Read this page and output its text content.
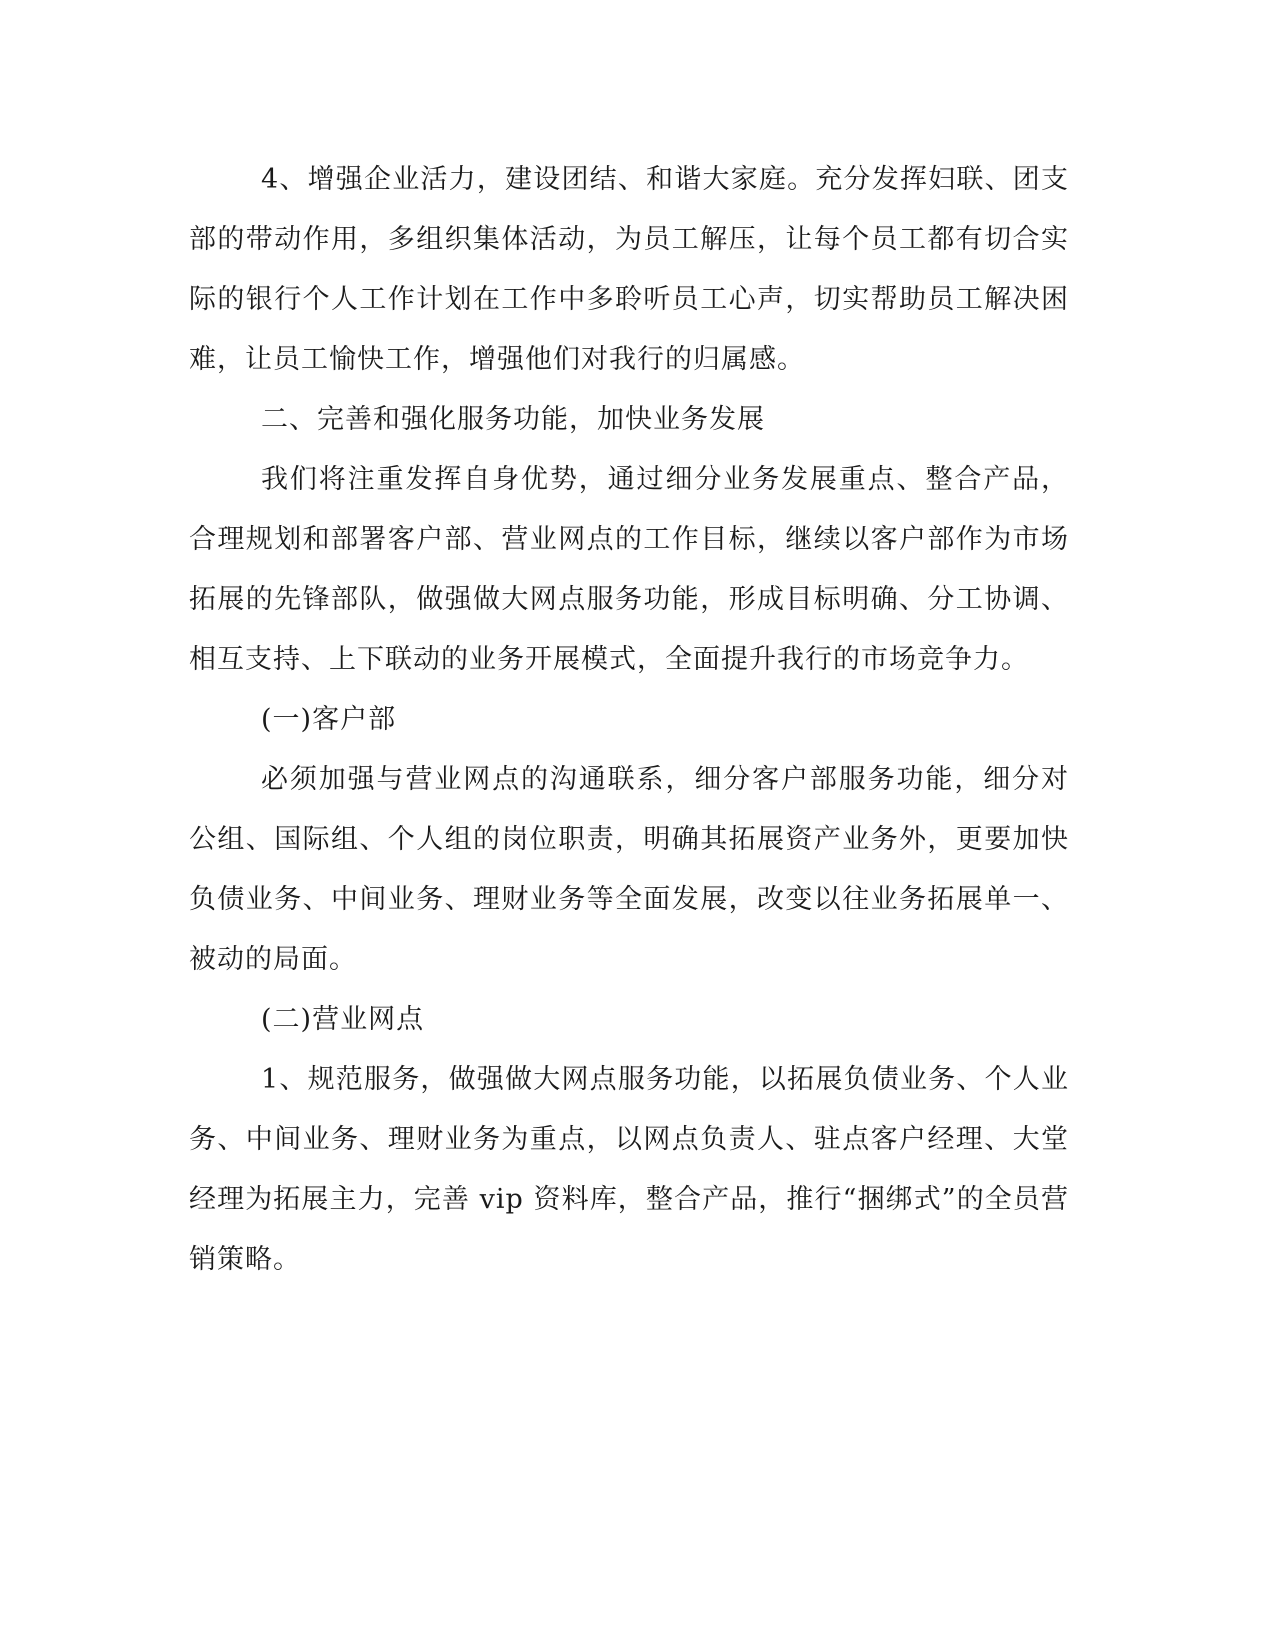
4、增强企业活力，建设团结、和谐大家庭。充分发挥妇联、团支部的带动作用，多组织集体活动，为员工解压，让每个员工都有切合实际的银行个人工作计划在工作中多聆听员工心声，切实帮助员工解决困难，让员工愉快工作，增强他们对我行的归属感。

二、完善和强化服务功能，加快业务发展

我们将注重发挥自身优势，通过细分业务发展重点、整合产品，合理规划和部署客户部、营业网点的工作目标，继续以客户部作为市场拓展的先锋部队，做强做大网点服务功能，形成目标明确、分工协调、相互支持、上下联动的业务开展模式，全面提升我行的市场竞争力。

(一)客户部

必须加强与营业网点的沟通联系，细分客户部服务功能，细分对公组、国际组、个人组的岗位职责，明确其拓展资产业务外，更要加快负债业务、中间业务、理财业务等全面发展，改变以往业务拓展单一、被动的局面。

(二)营业网点

1、规范服务，做强做大网点服务功能，以拓展负债业务、个人业务、中间业务、理财业务为重点，以网点负责人、驻点客户经理、大堂经理为拓展主力，完善 vip 资料库，整合产品，推行“捆绑式”的全员营销策略。
